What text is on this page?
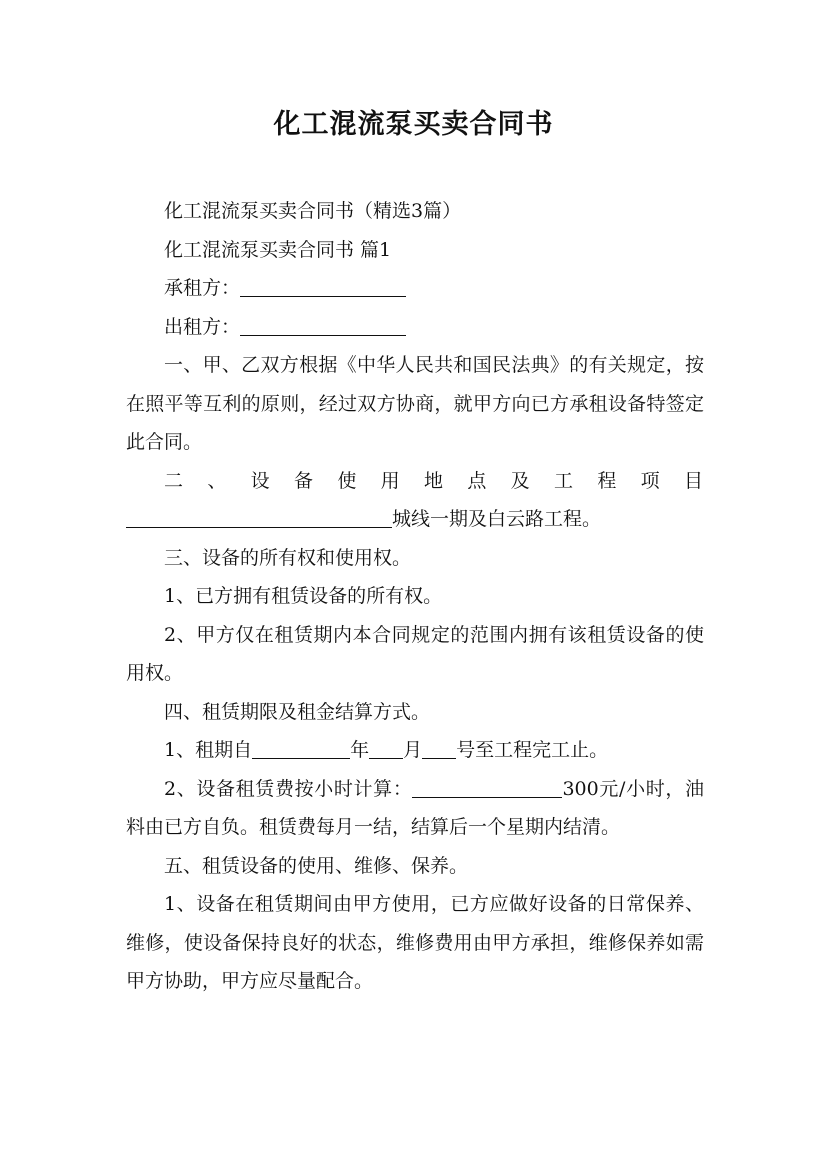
化工混流泵买卖合同书

化工混流泵买卖合同书（精选3篇）

化工混流泵买卖合同书 篇1

承租方：

出租方：

一、甲、乙双方根据《中华人民共和国民法典》的有关规定，按在照平等互利的原则，经过双方协商，就甲方向已方承租设备特签定此合同。

二、设备使用地点及工程项目

城线一期及白云路工程。

三、设备的所有权和使用权。

1、已方拥有租赁设备的所有权。

2、甲方仅在租赁期内本合同规定的范围内拥有该租赁设备的使用权。

四、租赁期限及租金结算方式。

1、租期自	年 月 号至工程完工止。

2、设备租赁费按小时计算：	300元/小时，油料由已方自负。租赁费每月一结，结算后一个星期内结清。

五、租赁设备的使用、维修、保养。

1、设备在租赁期间由甲方使用，已方应做好设备的日常保养、维修，使设备保持良好的状态，维修费用由甲方承担，维修保养如需甲方协助，甲方应尽量配合。
